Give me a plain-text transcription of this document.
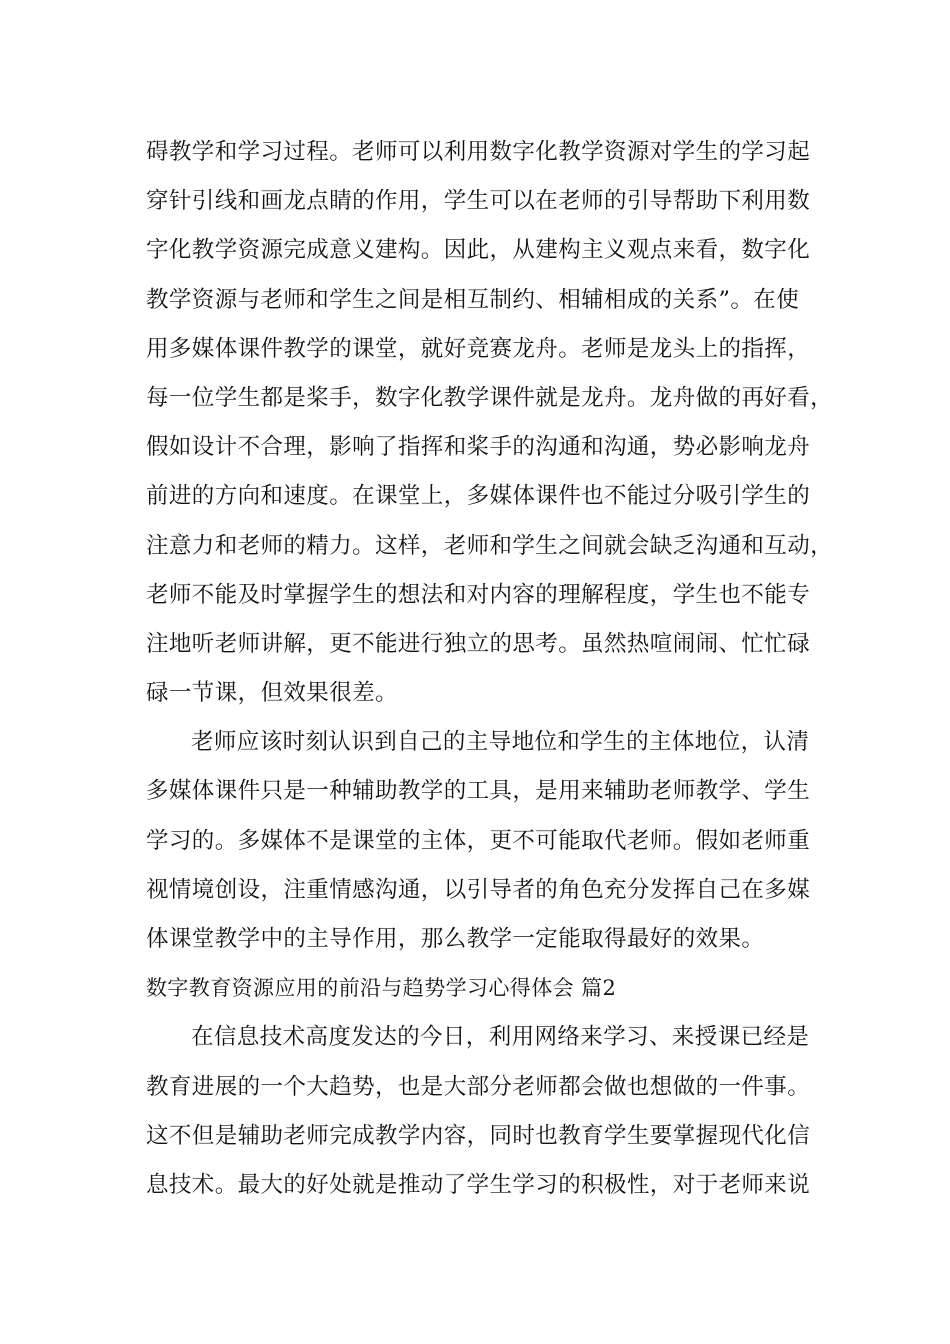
碍教学和学习过程。老师可以利用数字化教学资源对学生的学习起
穿针引线和画龙点睛的作用，学生可以在老师的引导帮助下利用数
字化教学资源完成意义建构。因此，从建构主义观点来看，数字化
教学资源与老师和学生之间是相互制约、相辅相成的关系”。在使
用多媒体课件教学的课堂，就好竞赛龙舟。老师是龙头上的指挥，
每一位学生都是桨手，数字化教学课件就是龙舟。龙舟做的再好看，
假如设计不合理，影响了指挥和桨手的沟通和沟通，势必影响龙舟
前进的方向和速度。在课堂上，多媒体课件也不能过分吸引学生的
注意力和老师的精力。这样，老师和学生之间就会缺乏沟通和互动，
老师不能及时掌握学生的想法和对内容的理解程度，学生也不能专
注地听老师讲解，更不能进行独立的思考。虽然热喧闹闹、忙忙碌
碌一节课，但效果很差。
老师应该时刻认识到自己的主导地位和学生的主体地位，认清
多媒体课件只是一种辅助教学的工具，是用来辅助老师教学、学生
学习的。多媒体不是课堂的主体，更不可能取代老师。假如老师重
视情境创设，注重情感沟通，以引导者的角色充分发挥自己在多媒
体课堂教学中的主导作用，那么教学一定能取得最好的效果。
数字教育资源应用的前沿与趋势学习心得体会 篇2
在信息技术高度发达的今日，利用网络来学习、来授课已经是
教育进展的一个大趋势，也是大部分老师都会做也想做的一件事。
这不但是辅助老师完成教学内容，同时也教育学生要掌握现代化信
息技术。最大的好处就是推动了学生学习的积极性，对于老师来说
